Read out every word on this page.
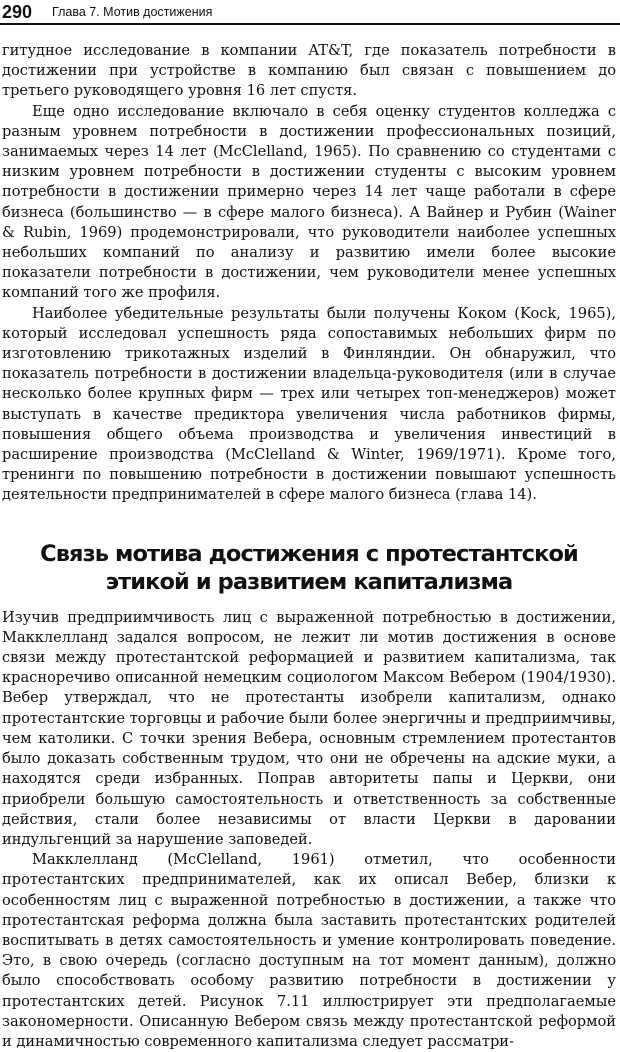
290 Глава 7. Мотив достижения

гитудное исследование в компании AT&T, где показатель потребности в достижении при устройстве в компанию был связан с повышением до третьего руководящего уровня 16 лет спустя.

Еще одно исследование включало в себя оценку студентов колледжа с разным уровнем потребности в достижении профессиональных позиций, занимаемых через 14 лет (McClelland, 1965). По сравнению со студентами с низким уровнем потребности в достижении студенты с высоким уровнем потребности в достижении примерно через 14 лет чаще работали в сфере бизнеса (большинство — в сфере малого бизнеса). А Вайнер и Рубин (Wainer & Rubin, 1969) продемонстрировали, что руководители наиболее успешных небольших компаний по анализу и развитию имели более высокие показатели потребности в достижении, чем руководители менее успешных компаний того же профиля.

Наиболее убедительные результаты были получены Коком (Kock, 1965), который исследовал успешность ряда сопоставимых небольших фирм по изготовлению трикотажных изделий в Финляндии. Он обнаружил, что показатель потребности в достижении владельца-руководителя (или в случае несколько более крупных фирм — трех или четырех топ-менеджеров) может выступать в качестве предиктора увеличения числа работников фирмы, повышения общего объема производства и увеличения инвестиций в расширение производства (McClelland & Winter, 1969/1971). Кроме того, тренинги по повышению потребности в достижении повышают успешность деятельности предпринимателей в сфере малого бизнеса (глава 14).

Связь мотива достижения с протестантской
этикой и развитием капитализма

Изучив предприимчивость лиц с выраженной потребностью в достижении, Макклелланд задался вопросом, не лежит ли мотив достижения в основе связи между протестантской реформацией и развитием капитализма, так красноречиво описанной немецким социологом Максом Вебером (1904/1930). Вебер утверждал, что не протестанты изобрели капитализм, однако протестантские торговцы и рабочие были более энергичны и предприимчивы, чем католики. С точки зрения Вебера, основным стремлением протестантов было доказать собственным трудом, что они не обречены на адские муки, а находятся среди избранных. Поправ авторитеты папы и Церкви, они приобрели большую самостоятельность и ответственность за собственные действия, стали более независимы от власти Церкви в даровании индульгенций за нарушение заповедей.

Макклелланд (McClelland, 1961) отметил, что особенности протестантских предпринимателей, как их описал Вебер, близки к особенностям лиц с выраженной потребностью в достижении, а также что протестантская реформа должна была заставить протестантских родителей воспитывать в детях самостоятельность и умение контролировать поведение. Это, в свою очередь (согласно доступным на тот момент данным), должно было способствовать особому развитию потребности в достижении у протестантских детей. Рисунок 7.11 иллюстрирует эти предполагаемые закономерности. Описанную Вебером связь между протестантской реформой и динамичностью современного капитализма следует рассматри-
